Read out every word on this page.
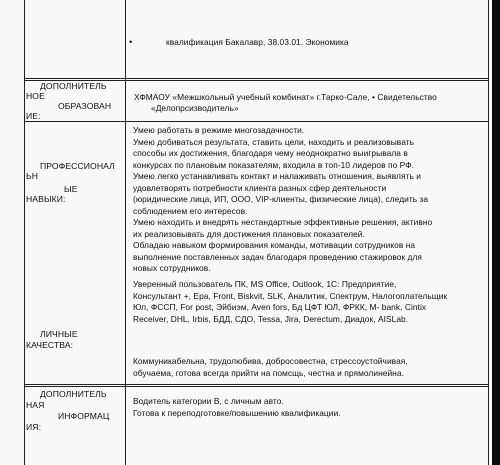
•	квалификация Бакалавр, 38.03.01. Экономика
ДОПОЛНИТЕЛЬ
НОЕ
ОБРАЗОВАН
ИЕ:
ХФМАОУ «Межшкольный учебный комбинат» г.Тарко-Сале, • Свидетельство
«Делопрсизводитель»
ПРОФЕССИОНАЛ
ЬН
ЫЕ
НАВЫКИ:
Умею работать в режиме многозадачности.
Умею добиваться результата, ставить цели, находить и реализовывать
способы их достижения, благодаря чему неоднократно выигрывала в
конкурсах по плановым показателям, входила в топ-10 лидеров по РФ.
Умею легко устанавливать контакт и налаживать отношения, выявлять и
удовлетворять потребности клиента разных сфер деятельности
(юридические лица, ИП, ООО, VIP-клиенты, физические лица), следить за
соблюдением его интересов.
Умею находить и внедрять нестандартные эффективные решения, активно
их реализовывать для достижения плановых показателей.
Обладаю навыком формирования команды, мотивации сотрудников на
выполнение поставленных задач благодаря проведению стажировок для
новых сотрудников.
Уверенный пользователь ПК, MS Office, Outlook, 1С: Предприятие,
Консультант +, Ера, Front, Biskvit, SLK, Аналитик, Спектрум, Налогоплательщик
Юл, ФССП, For post, Эйбиэм, Aven fors, Бд ЦФТ ЮЛ, ФРКК, М- bank, Cintix
Receiver, DHL, Irbis, БДД, СДО, Tessa, Jira, Derectum, Диадок, AISLab.
ЛИЧНЫЕ
КАЧЕСТВА:
Коммуникабельна, трудолюбива, добросовестна, стрессоустойчивая,
обучаема, готова всегда прийти на помсщь, честна и прямолинейна.
ДОПОЛНИТЕЛЬ
НАЯ
ИНФОРМАЦ
ИЯ:
Водитель категории В, с личным авто.
Готова к переподготовке/повышению квалификации.
